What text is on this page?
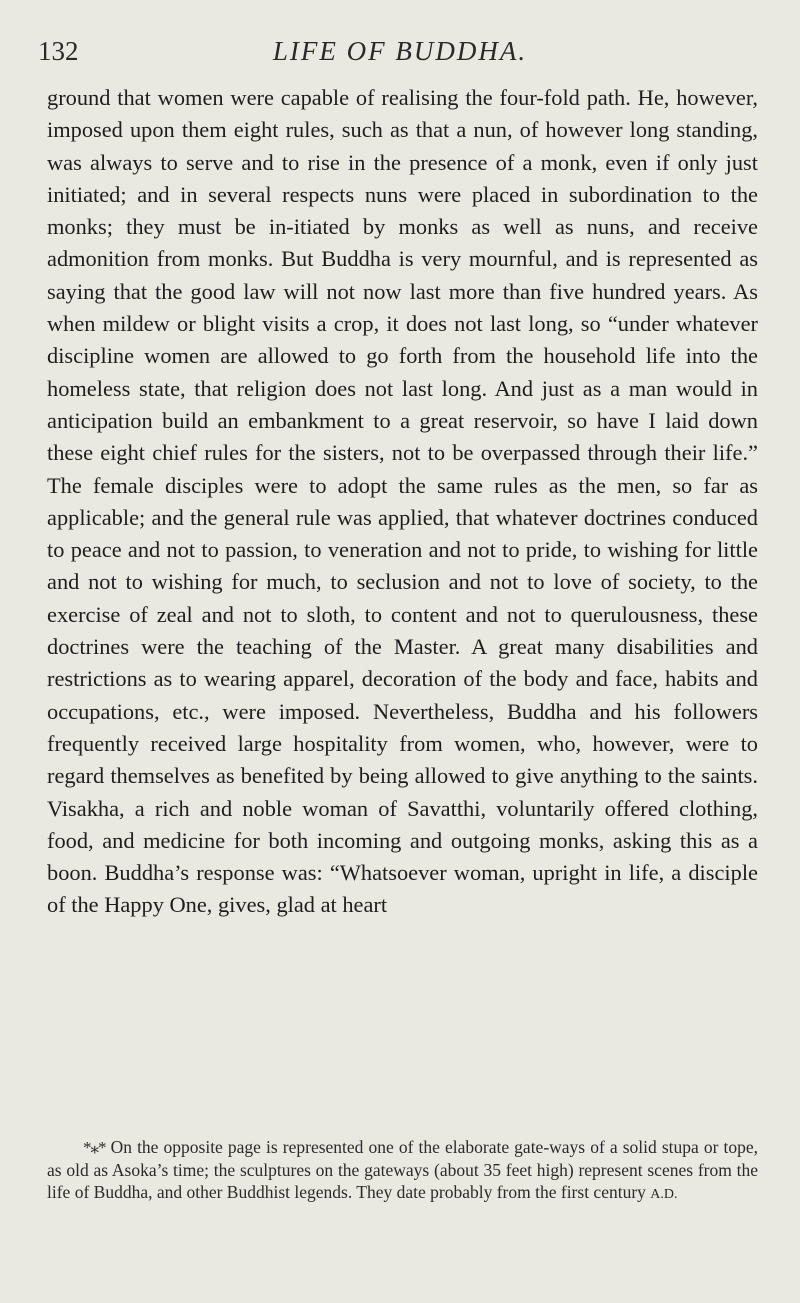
132	LIFE OF BUDDHA.

ground that women were capable of realising the four-fold path. He, however, imposed upon them eight rules, such as that a nun, of however long standing, was always to serve and to rise in the presence of a monk, even if only just initiated; and in several respects nuns were placed in subordination to the monks; they must be in-itiated by monks as well as nuns, and receive admonition from monks. But Buddha is very mournful, and is represented as saying that the good law will not now last more than five hundred years. As when mildew or blight visits a crop, it does not last long, so “under whatever discipline women are allowed to go forth from the household life into the homeless state, that religion does not last long. And just as a man would in anticipation build an embankment to a great reservoir, so have I laid down these eight chief rules for the sisters, not to be overpassed through their life.” The female disciples were to adopt the same rules as the men, so far as applicable; and the general rule was applied, that whatever doctrines conduced to peace and not to passion, to veneration and not to pride, to wishing for little and not to wishing for much, to seclusion and not to love of society, to the exercise of zeal and not to sloth, to content and not to querulousness, these doctrines were the teaching of the Master. A great many disabilities and restrictions as to wearing apparel, decoration of the body and face, habits and occupations, etc., were imposed. Nevertheless, Buddha and his followers frequently received large hospitality from women, who, however, were to regard themselves as benefited by being allowed to give anything to the saints. Visakha, a rich and noble woman of Savatthi, voluntarily offered clothing, food, and medicine for both incoming and outgoing monks, asking this as a boon. Buddha’s response was: “Whatsoever woman, upright in life, a disciple of the Happy One, gives, glad at heart

*⁎* On the opposite page is represented one of the elaborate gate-ways of a solid stupa or tope, as old as Asoka’s time; the sculptures on the gateways (about 35 feet high) represent scenes from the life of Buddha, and other Buddhist legends. They date probably from the first century A.D.
